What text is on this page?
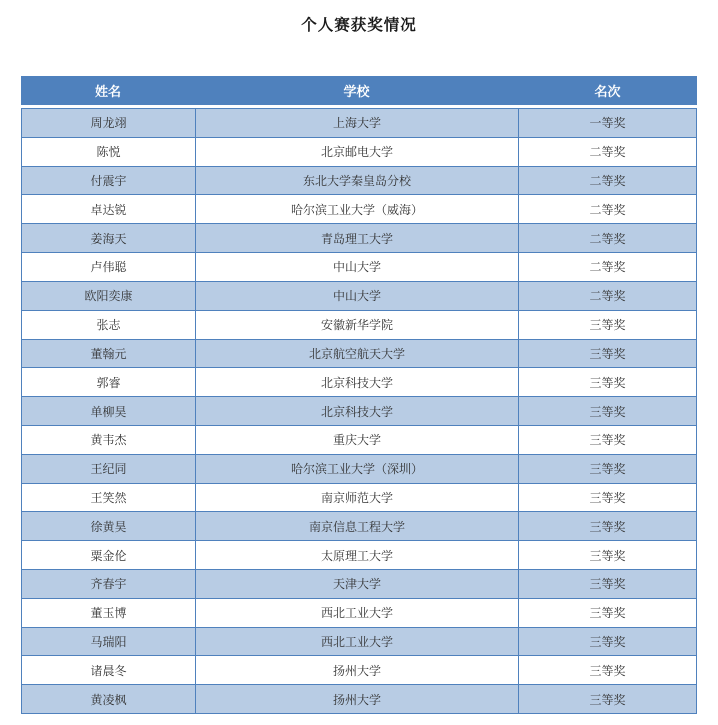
个人赛获奖情况
姓名	学校	名次
周龙翊	上海大学	一等奖
陈悦	北京邮电大学	二等奖
付震宇	东北大学秦皇岛分校	二等奖
卓达锐	哈尔滨工业大学（威海）	二等奖
姜海天	青岛理工大学	二等奖
卢伟聪	中山大学	二等奖
欧阳奕康	中山大学	二等奖
张志	安徽新华学院	三等奖
董翰元	北京航空航天大学	三等奖
郭睿	北京科技大学	三等奖
单柳昊	北京科技大学	三等奖
黄韦杰	重庆大学	三等奖
王纪同	哈尔滨工业大学（深圳）	三等奖
王笑然	南京师范大学	三等奖
徐黄昊	南京信息工程大学	三等奖
粟金伦	太原理工大学	三等奖
齐春宇	天津大学	三等奖
董玉博	西北工业大学	三等奖
马瑞阳	西北工业大学	三等奖
诸晨冬	扬州大学	三等奖
黄凌枫	扬州大学	三等奖
